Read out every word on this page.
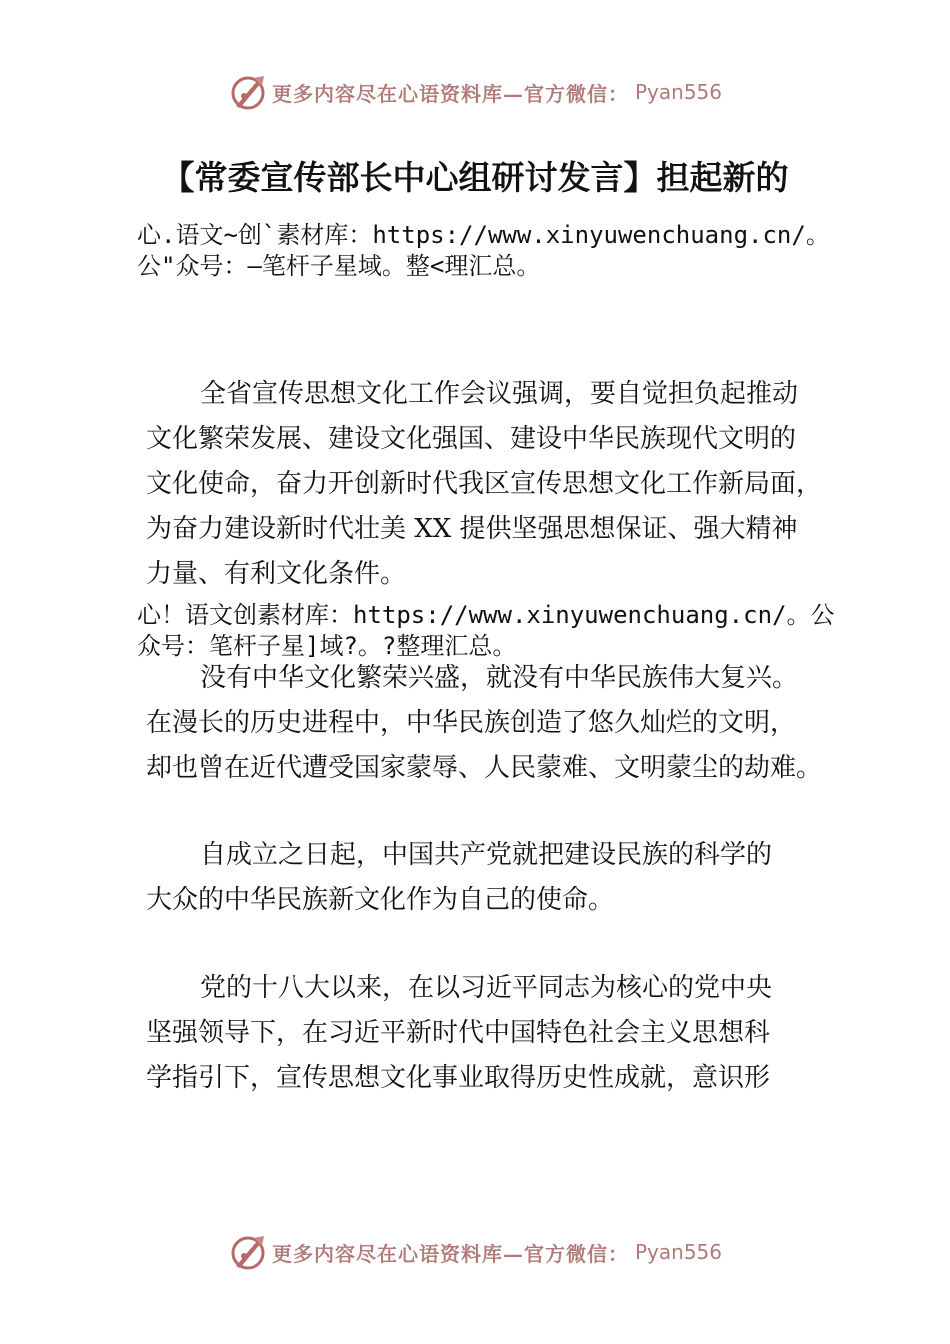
更多内容尽在心语资料库—官方微信： Pyan556
【常委宣传部长中心组研讨发言】担起新的
心.语文~创`素材库：https://www.xinyuwenchuang.cn/。
公"众号：—笔杆子星域。整<理汇总。
全省宣传思想文化工作会议强调，要自觉担负起推动
文化繁荣发展、建设文化强国、建设中华民族现代文明的
文化使命，奋力开创新时代我区宣传思想文化工作新局面，
为奋力建设新时代壮美 XX 提供坚强思想保证、强大精神
力量、有利文化条件。
心！语文创素材库：https://www.xinyuwenchuang.cn/。公
众号：笔杆子星]域?。?整理汇总。
没有中华文化繁荣兴盛，就没有中华民族伟大复兴。
在漫长的历史进程中，中华民族创造了悠久灿烂的文明，
却也曾在近代遭受国家蒙辱、人民蒙难、文明蒙尘的劫难。
自成立之日起，中国共产党就把建设民族的科学的
大众的中华民族新文化作为自己的使命。
党的十八大以来，在以习近平同志为核心的党中央
坚强领导下，在习近平新时代中国特色社会主义思想科
学指引下，宣传思想文化事业取得历史性成就，意识形
更多内容尽在心语资料库—官方微信： Pyan556
